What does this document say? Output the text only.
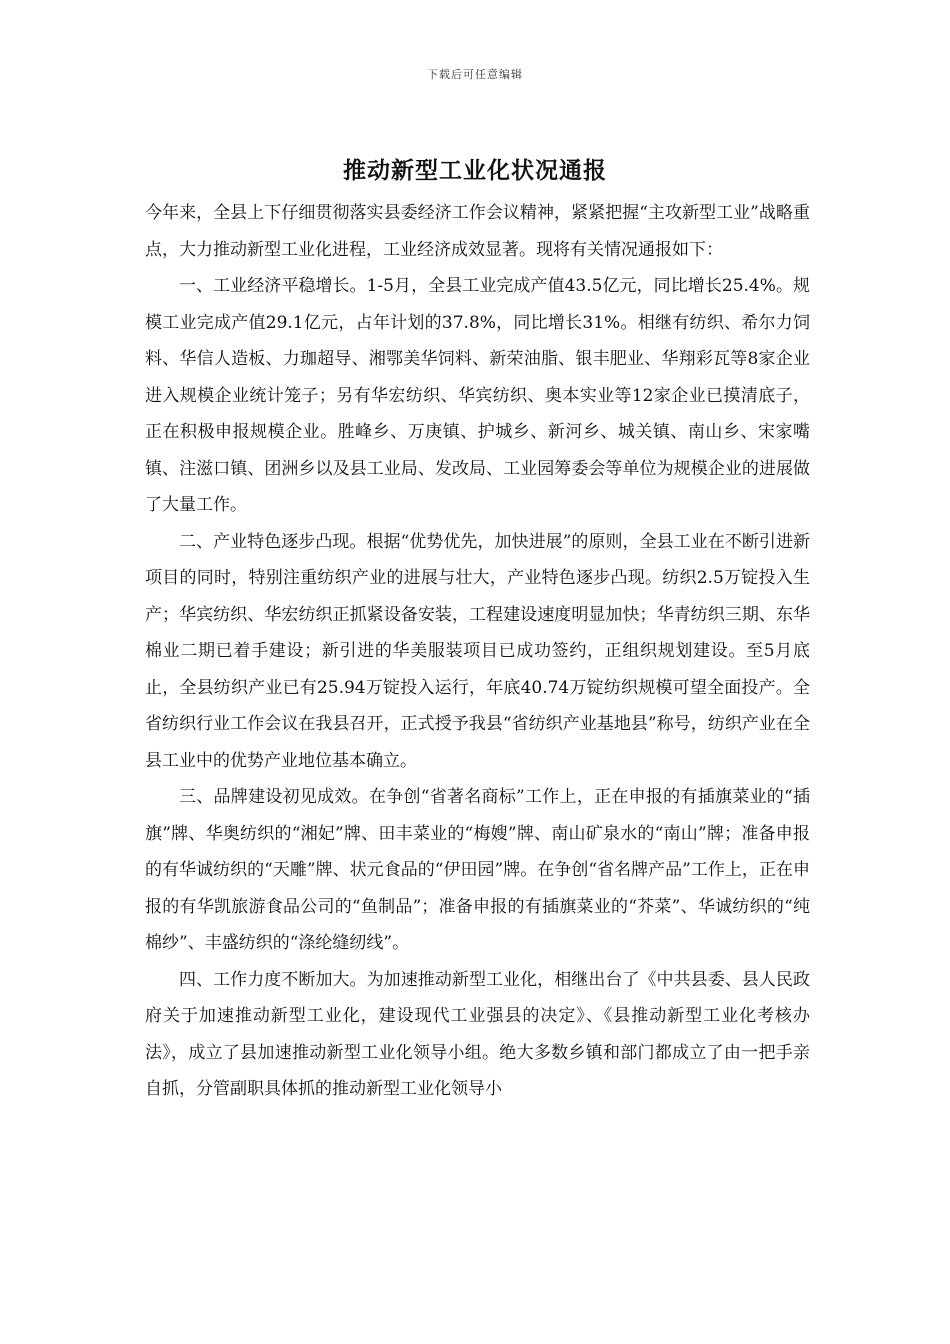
下载后可任意编辑
推动新型工业化状况通报

今年来，全县上下仔细贯彻落实县委经济工作会议精神，紧紧把握“主攻新型工业”战略重点，大力推动新型工业化进程，工业经济成效显著。现将有关情况通报如下：

一、工业经济平稳增长。1-5月，全县工业完成产值43.5亿元，同比增长25.4%。规模工业完成产值29.1亿元，占年计划的37.8%，同比增长31%。相继有纺织、希尔力饲料、华信人造板、力珈超导、湘鄂美华饲料、新荣油脂、银丰肥业、华翔彩瓦等8家企业进入规模企业统计笼子；另有华宏纺织、华宾纺织、奥本实业等12家企业已摸清底子，正在积极申报规模企业。胜峰乡、万庚镇、护城乡、新河乡、城关镇、南山乡、宋家嘴镇、注滋口镇、团洲乡以及县工业局、发改局、工业园筹委会等单位为规模企业的进展做了大量工作。

二、产业特色逐步凸现。根据“优势优先，加快进展”的原则，全县工业在不断引进新项目的同时，特别注重纺织产业的进展与壮大，产业特色逐步凸现。纺织2.5万锭投入生产；华宾纺织、华宏纺织正抓紧设备安装，工程建设速度明显加快；华青纺织三期、东华棉业二期已着手建设；新引进的华美服装项目已成功签约，正组织规划建设。至5月底止，全县纺织产业已有25.94万锭投入运行，年底40.74万锭纺织规模可望全面投产。全省纺织行业工作会议在我县召开，正式授予我县“省纺织产业基地县”称号，纺织产业在全县工业中的优势产业地位基本确立。

三、品牌建设初见成效。在争创“省著名商标”工作上，正在申报的有插旗菜业的“插旗”牌、华奥纺织的“湘妃”牌、田丰菜业的“梅嫂”牌、南山矿泉水的“南山”牌；准备申报的有华诚纺织的“天雕”牌、状元食品的“伊田园”牌。在争创“省名牌产品”工作上，正在申报的有华凯旅游食品公司的“鱼制品”；准备申报的有插旗菜业的“芥菜”、华诚纺织的“纯棉纱”、丰盛纺织的“涤纶缝纫线”。

四、工作力度不断加大。为加速推动新型工业化，相继出台了《中共县委、县人民政府关于加速推动新型工业化，建设现代工业强县的决定》、《县推动新型工业化考核办法》，成立了县加速推动新型工业化领导小组。绝大多数乡镇和部门都成立了由一把手亲自抓，分管副职具体抓的推动新型工业化领导小
